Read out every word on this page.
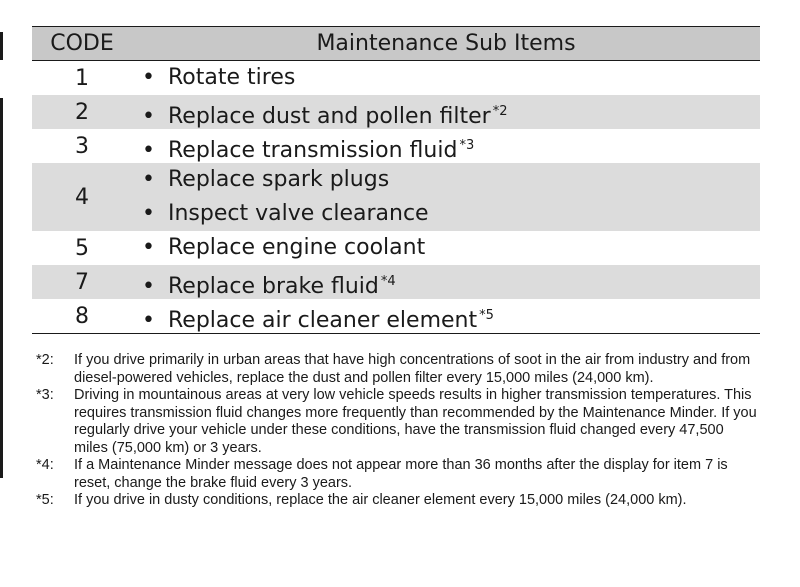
CODE	Maintenance Sub Items
1	• Rotate tires

2	• Replace dust and pollen filter $^{*2}$

3	• Replace transmission fluid $^{*3}$

4	• Replace spark plugs
• Inspect valve clearance

5	• Replace engine coolant

7	• Replace brake fluid $^{*4}$

8	• Replace air cleaner element $^{*5}$
*2:	If you drive primarily in urban areas that have high concentrations of soot in the air from industry and from diesel-powered vehicles, replace the dust and pollen filter every 15,000 miles (24,000 km).
*3:	Driving in mountainous areas at very low vehicle speeds results in higher transmission temperatures. This requires transmission fluid changes more frequently than recommended by the Maintenance Minder. If you regularly drive your vehicle under these conditions, have the transmission fluid changed every 47,500 miles (75,000 km) or 3 years.
*4:	If a Maintenance Minder message does not appear more than 36 months after the display for item 7 is reset, change the brake fluid every 3 years.
*5:	If you drive in dusty conditions, replace the air cleaner element every 15,000 miles (24,000 km).
